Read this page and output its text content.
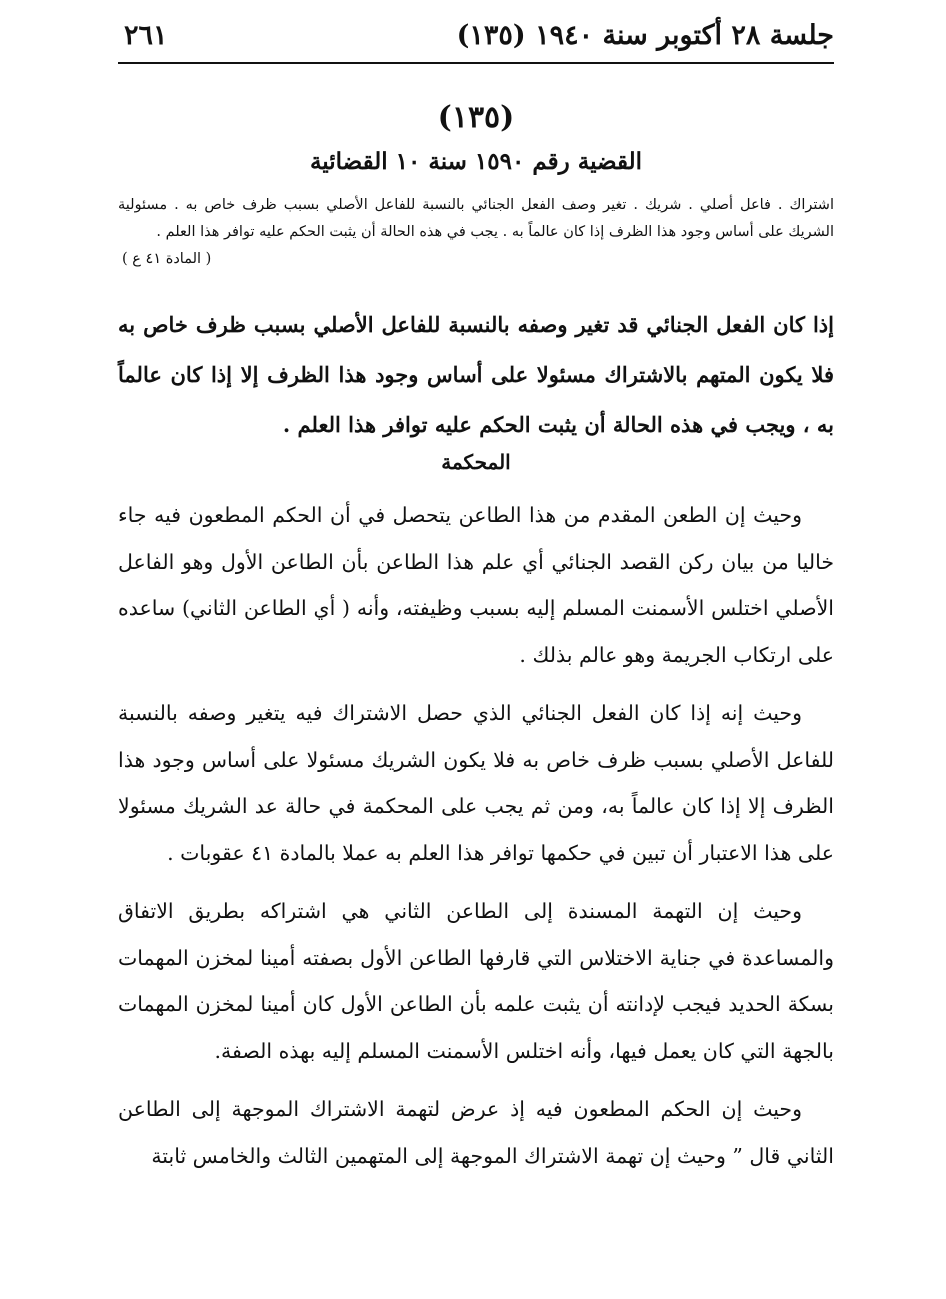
جلسة ٢٨ أكتوبر سنة ١٩٤٠ (١٣٥)
٢٦١
(١٣٥)
القضية رقم ١٥٩٠ سنة ١٠ القضائية
اشتراك . فاعل أصلي . شريك . تغير وصف الفعل الجنائي بالنسبة للفاعل الأصلي بسبب ظرف خاص به . مسئولية الشريك على أساس وجود هذا الظرف إذا كان عالماً به . يجب في هذه الحالة أن يثبت الحكم عليه توافر هذا العلم .
( المادة ٤١ ع )
إذا كان الفعل الجنائي قد تغير وصفه بالنسبة للفاعل الأصلي بسبب ظرف خاص به فلا يكون المتهم بالاشتراك مسئولا على أساس وجود هذا الظرف إلا إذا كان عالماً به ، ويجب في هذه الحالة أن يثبت الحكم عليه توافر هذا العلم .
المحكمة

وحيث إن الطعن المقدم من هذا الطاعن يتحصل في أن الحكم المطعون فيه جاء خاليا من بيان ركن القصد الجنائي أي علم هذا الطاعن بأن الطاعن الأول وهو الفاعل الأصلي اختلس الأسمنت المسلم إليه بسبب وظيفته، وأنه ( أي الطاعن الثاني) ساعده على ارتكاب الجريمة وهو عالم بذلك .

وحيث إنه إذا كان الفعل الجنائي الذي حصل الاشتراك فيه يتغير وصفه بالنسبة للفاعل الأصلي بسبب ظرف خاص به فلا يكون الشريك مسئولا على أساس وجود هذا الظرف إلا إذا كان عالماً به، ومن ثم يجب على المحكمة في حالة عد الشريك مسئولا على هذا الاعتبار أن تبين في حكمها توافر هذا العلم به عملا بالمادة ٤١ عقوبات .

وحيث إن التهمة المسندة إلى الطاعن الثاني هي اشتراكه بطريق الاتفاق والمساعدة في جناية الاختلاس التي قارفها الطاعن الأول بصفته أمينا لمخزن المهمات بسكة الحديد فيجب لإدانته أن يثبت علمه بأن الطاعن الأول كان أمينا لمخزن المهمات بالجهة التي كان يعمل فيها، وأنه اختلس الأسمنت المسلم إليه بهذه الصفة.

وحيث إن الحكم المطعون فيه إذ عرض لتهمة الاشتراك الموجهة إلى الطاعن الثاني قال ” وحيث إن تهمة الاشتراك الموجهة إلى المتهمين الثالث والخامس ثابتة
